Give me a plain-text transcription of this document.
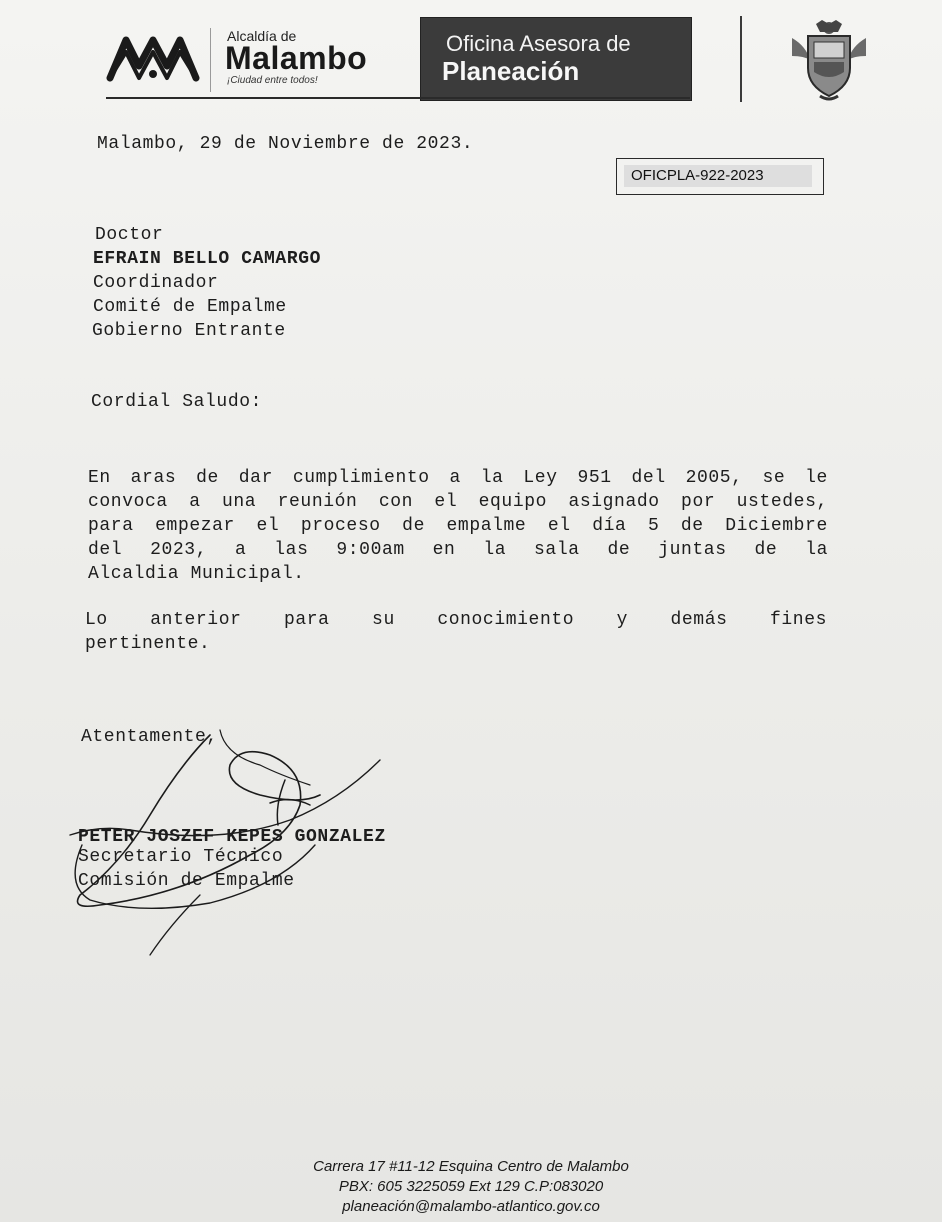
Alcaldía de
Malambo
¡Ciudad entre todos!
Oficina Asesora de
Planeación
Malambo, 29 de Noviembre de 2023.
OFICPLA-922-2023
Doctor
EFRAIN BELLO CAMARGO
Coordinador
Comité de Empalme
Gobierno Entrante
Cordial Saludo:
En aras de dar cumplimiento a la Ley 951 del 2005, se le
convoca a una reunión con el equipo asignado por ustedes,
para empezar el proceso de empalme el día 5 de Diciembre
del 2023, a las 9:00am en la sala de juntas de la
Alcaldia Municipal.
Lo anterior para su conocimiento y demás fines
pertinente.
Atentamente,
PETER JOSZEF KEPES GONZALEZ
Secretario Técnico
Comisión de Empalme
Carrera 17 #11-12 Esquina Centro de Malambo
PBX: 605 3225059 Ext 129 C.P:083020
planeación@malambo-atlantico.gov.co
